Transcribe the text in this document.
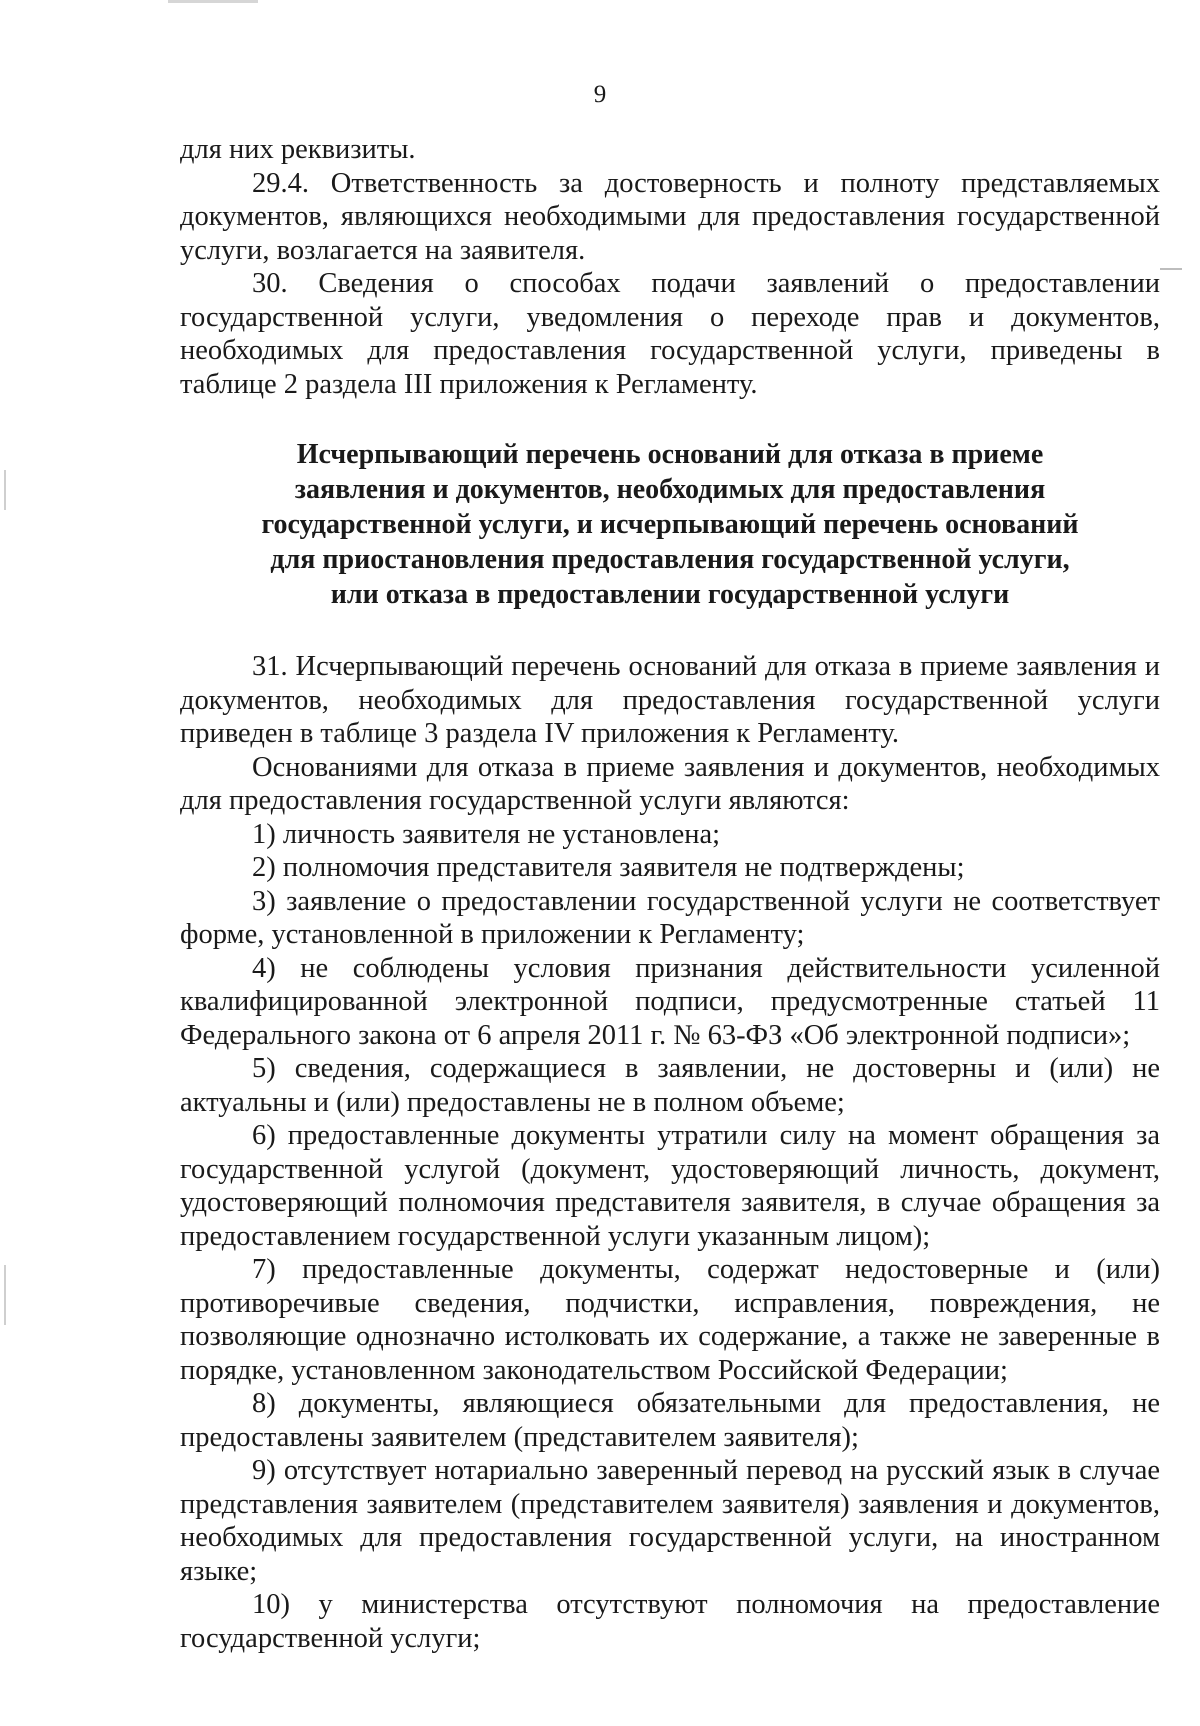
9

для них реквизиты.

29.4. Ответственность за достоверность и полноту представляемых документов, являющихся необходимыми для предоставления государственной услуги, возлагается на заявителя.

30. Сведения о способах подачи заявлений о предоставлении государственной услуги, уведомления о переходе прав и документов, необходимых для предоставления государственной услуги, приведены в таблице 2 раздела III приложения к Регламенту.

Исчерпывающий перечень оснований для отказа в приеме
заявления и документов, необходимых для предоставления
государственной услуги, и исчерпывающий перечень оснований
для приостановления предоставления государственной услуги,
или отказа в предоставлении государственной услуги

31. Исчерпывающий перечень оснований для отказа в приеме заявления и документов, необходимых для предоставления государственной услуги приведен в таблице 3 раздела IV приложения к Регламенту.

Основаниями для отказа в приеме заявления и документов, необходимых для предоставления государственной услуги являются:

1) личность заявителя не установлена;

2) полномочия представителя заявителя не подтверждены;

3) заявление о предоставлении государственной услуги не соответствует форме, установленной в приложении к Регламенту;

4) не соблюдены условия признания действительности усиленной квалифицированной электронной подписи, предусмотренные статьей 11 Федерального закона от 6 апреля 2011 г. № 63-ФЗ «Об электронной подписи»;

5) сведения, содержащиеся в заявлении, не достоверны и (или) не актуальны и (или) предоставлены не в полном объеме;

6) предоставленные документы утратили силу на момент обращения за государственной услугой (документ, удостоверяющий личность, документ, удостоверяющий полномочия представителя заявителя, в случае обращения за предоставлением государственной услуги указанным лицом);

7) предоставленные документы, содержат недостоверные и (или) противоречивые сведения, подчистки, исправления, повреждения, не позволяющие однозначно истолковать их содержание, а также не заверенные в порядке, установленном законодательством Российской Федерации;

8) документы, являющиеся обязательными для предоставления, не предоставлены заявителем (представителем заявителя);

9) отсутствует нотариально заверенный перевод на русский язык в случае представления заявителем (представителем заявителя) заявления и документов, необходимых для предоставления государственной услуги, на иностранном языке;

10) у министерства отсутствуют полномочия на предоставление государственной услуги;
